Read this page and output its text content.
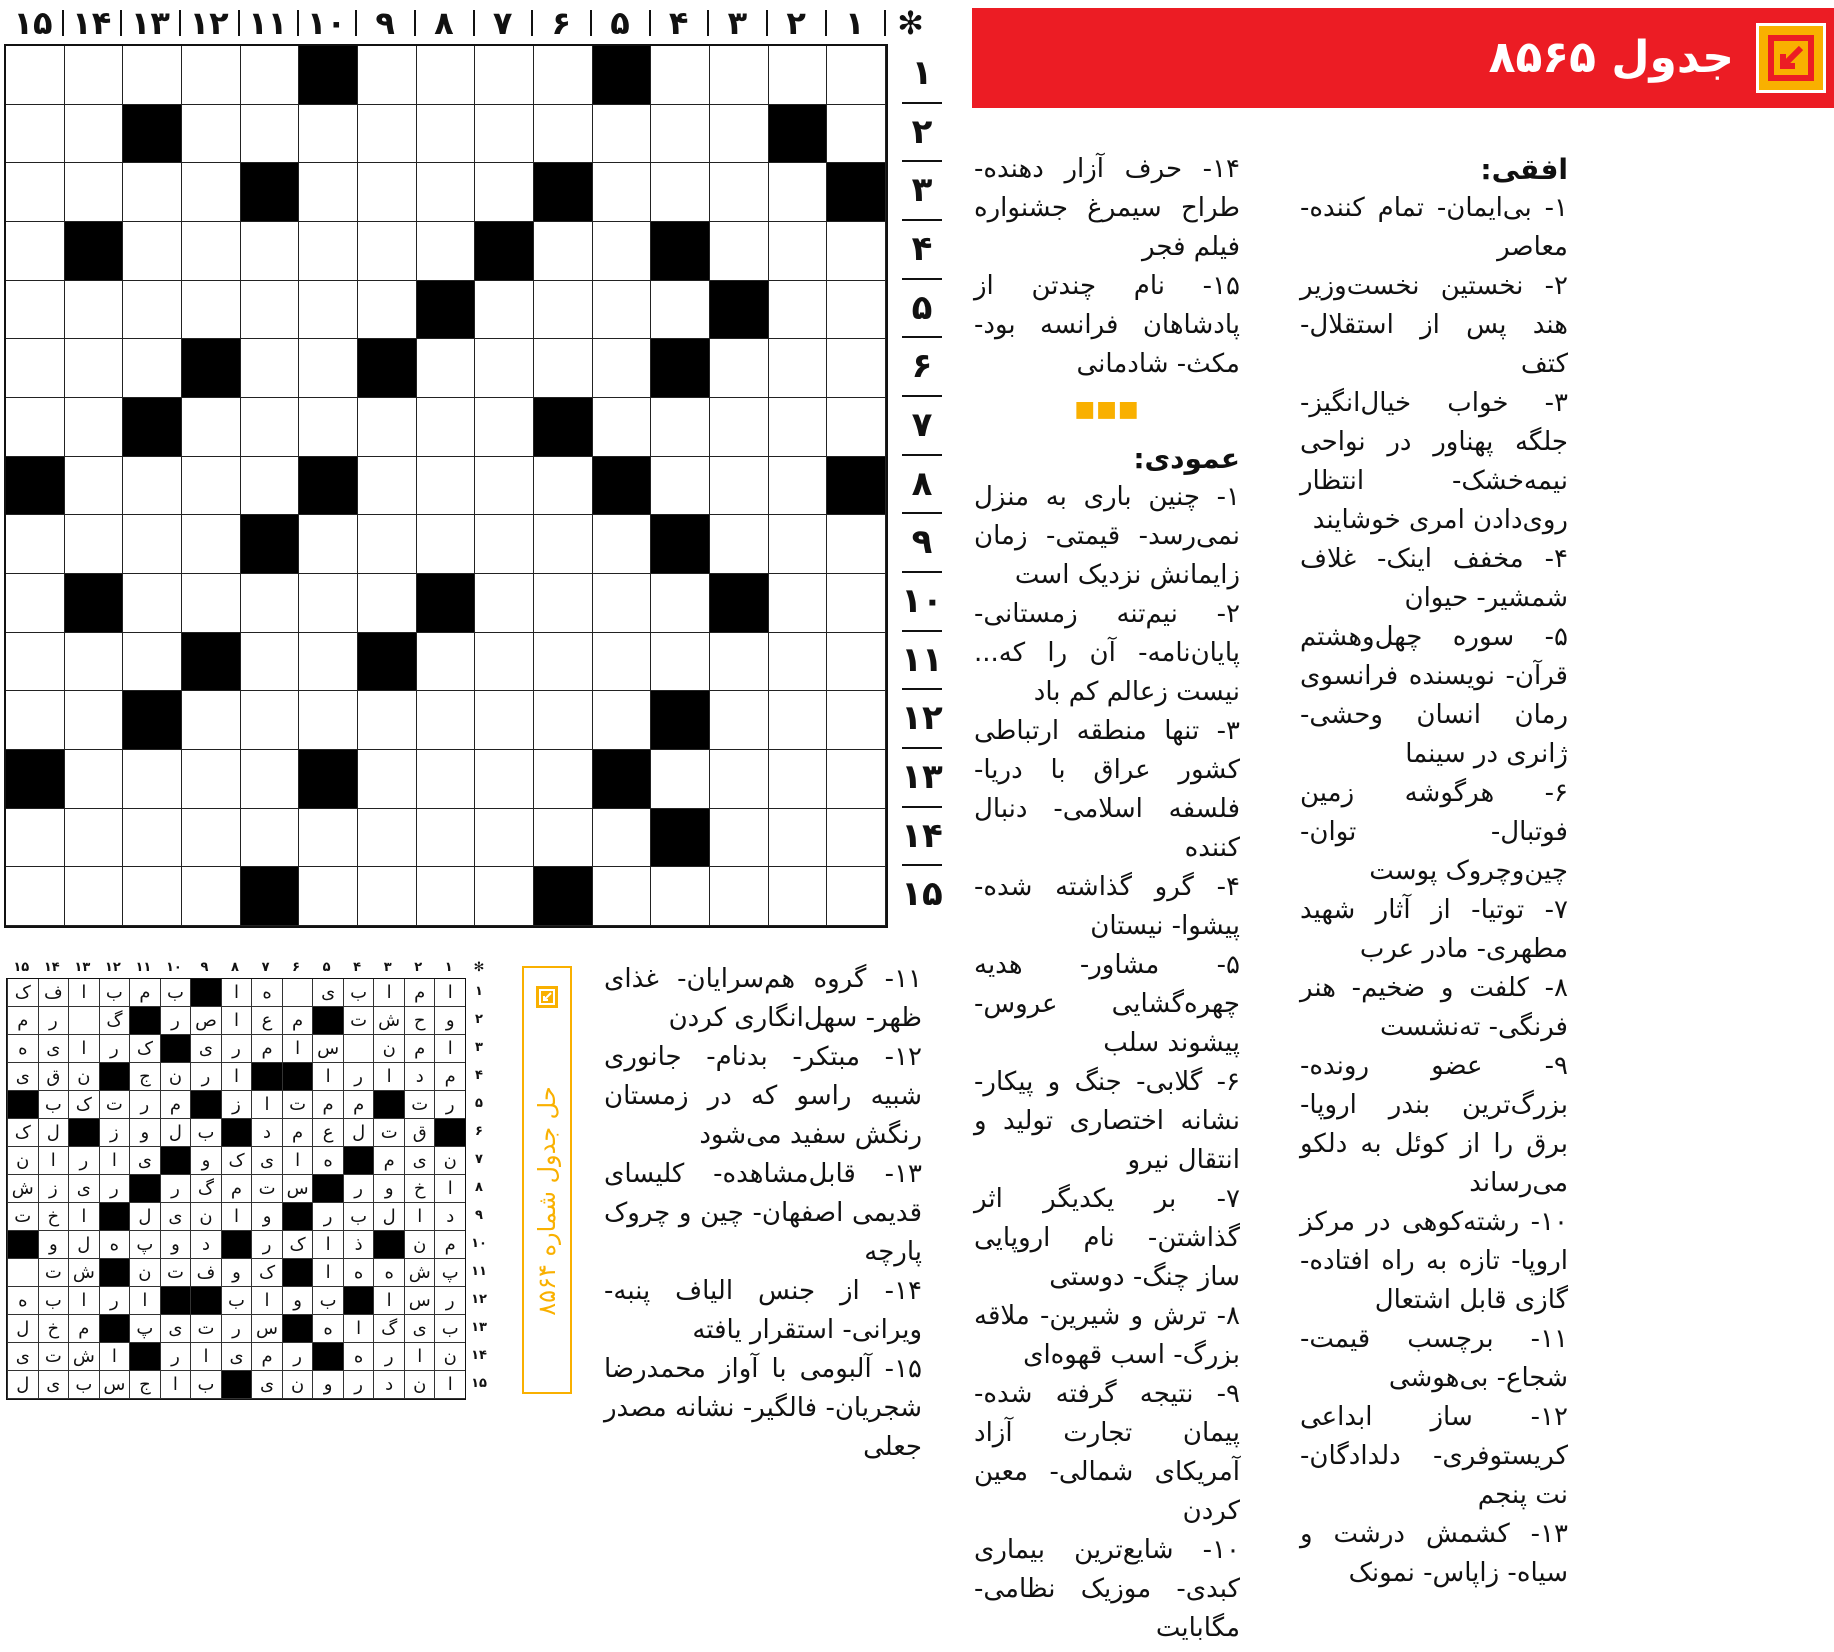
✻
۱
۲
۳
۴
۵
۶
۷
۸
۹
۱۰
۱۱
۱۲
۱۳
۱۴
۱۵
۱
۲
۳
۴
۵
۶
۷
۸
۹
۱۰
۱۱
۱۲
۱۳
۱۴
۱۵
جدول ۸۵۶۵

افقی:

۱- بی‌ایمان- تمام کننده- معاصر

۲- نخستین نخست‌وزیر هند پس از استقلال- کتف

۳- خواب خیال‌انگیز- جلگه پهناور در نواحی نیمه‌خشک- انتظار روی‌دادن امری خوشایند

۴- مخفف اینک- غلاف شمشیر- حیوان

۵- سوره چهل‌وهشتم قرآن- نویسنده فرانسوی رمان انسان وحشی- ژانری در سینما

۶- هرگوشه زمین فوتبال- توان- چین‌وچروک پوست

۷- توتیا- از آثار شهید مطهری- مادر عرب

۸- کلفت و ضخیم- هنر فرنگی- ته‌نشست

۹- عضو رونده- بزرگ‌ترین بندر اروپا- برق را از کوئل به دلکو می‌رساند

۱۰- رشته‌کوهی در مرکز اروپا- تازه به راه افتاده- گازی قابل اشتعال

۱۱- برچسب قیمت- شجاع- بی‌هوشی

۱۲- ساز ابداعی کریستوفری- دلدادگان- نت پنجم

۱۳- کشمش درشت و سیاه- زاپاس- نمونک

۱۴- حرف آزار دهنده- طراح سیمرغ جشنواره فیلم فجر

۱۵- نام چندتن از پادشاهان فرانسه بود- مکث- شادمانی

■■■

عمودی:

۱- چنین باری به منزل نمی‌رسد- قیمتی- زمان زایمانش نزدیک است

۲- نیم‌تنه زمستانی- پایان‌نامه- آن را که... نیست زعالم کم باد

۳- تنها منطقه ارتباطی کشور عراق با دریا- فلسفه اسلامی- دنبال کننده

۴- گرو گذاشته شده- پیشوا- نیستان

۵- مشاور- هدیه چهره‌گشایی عروس- پیشوند سلب

۶- گلابی- جنگ و پیکار- نشانه اختصاری تولید و انتقال نیرو

۷- بر یکدیگر اثر گذاشتن- نام اروپایی ساز چنگ- دوستی

۸- ترش و شیرین- ملاقه بزرگ- اسب قهوه‌ای

۹- نتیجه گرفته شده- پیمان تجارت آزاد آمریکای شمالی- معین کردن

۱۰- شایع‌ترین بیماری کبدی- موزیک نظامی- مگابایت

۱۱- گروه هم‌سرایان- غذای ظهر- سهل‌انگاری کردن

۱۲- مبتکر- بدنام- جانوری شبیه راسو که در زمستان رنگش سفید می‌شود

۱۳- قابل‌مشاهده- کلیسای قدیمی اصفهان- چین و چروک پارچه

۱۴- از جنس الیاف پنبه- ویرانی- استقرار یافته

۱۵- آلبومی با آواز محمدرضا شجریان- فالگیر- نشانه مصدر جعلی

حل جدول شماره ۸۵۶۴
✻
۱
۲
۳
۴
۵
۶
۷
۸
۹
۱۰
۱۱
۱۲
۱۳
۱۴
۱۵
ا
م
ا
ب
ی
ه
ا
ب
م
ب
ا
ف
ک
و
ح
ش
ت
م
ع
ا
ص
ر
گ
ر
م
ا
م
ن
س
ا
م
ر
ی
ک
ر
ا
ی
ه
م
د
ا
ر
ا
ا
ر
ن
ج
ن
ق
ی
ر
ت
م
م
ت
ا
ز
م
ر
ت
ک
ب
ق
ت
ل
ع
م
د
ب
ل
و
ز
ل
ک
ن
ی
م
ه
ا
ی
ک
و
ی
ا
ر
ا
ن
ا
خ
و
ر
س
ت
م
گ
ر
ر
ی
ز
ش
د
ا
ل
ب
ر
و
ا
ن
ی
ل
ا
خ
ت
م
ن
ذ
ا
ک
ر
د
و
پ
ه
ل
و
پ
ش
ه
ه
ا
ک
و
ف
ت
ن
ش
ت
ر
س
ا
ب
و
ا
ب
ا
ر
ا
ب
ه
ب
ی
گ
ا
ه
س
ر
ت
ی
پ
م
خ
ل
ن
ا
ر
ه
ر
م
ی
ا
ر
ا
ش
ت
ی
ا
ن
د
ر
و
ن
ی
ب
ا
ج
س
ب
ی
ل
۱
۲
۳
۴
۵
۶
۷
۸
۹
۱۰
۱۱
۱۲
۱۳
۱۴
۱۵
